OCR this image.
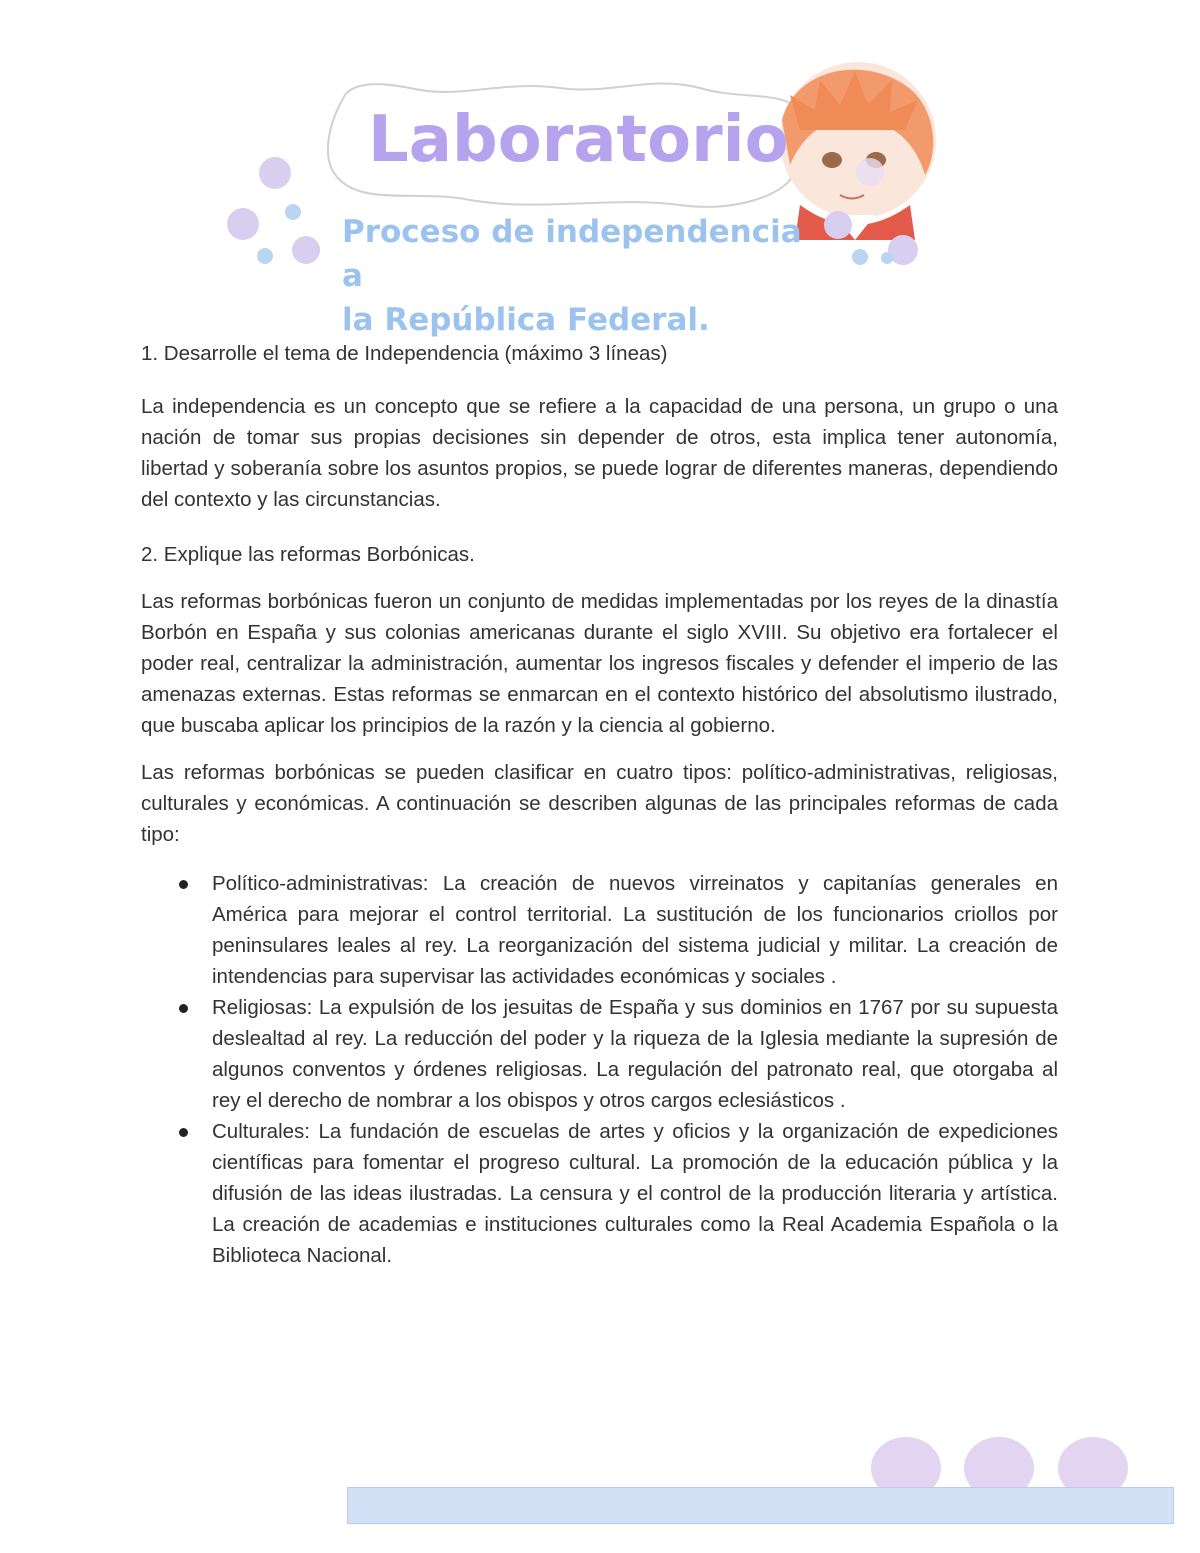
Laboratorio
Proceso de independencia a
la República Federal.

1. Desarrolle el tema de Independencia (máximo 3 líneas)

La independencia es un concepto que se refiere a la capacidad de una persona, un grupo o una nación de tomar sus propias decisiones sin depender de otros, esta implica tener autonomía, libertad y soberanía sobre los asuntos propios, se puede lograr de diferentes maneras, dependiendo del contexto y las circunstancias.

2. Explique las reformas Borbónicas.

Las reformas borbónicas fueron un conjunto de medidas implementadas por los reyes de la dinastía Borbón en España y sus colonias americanas durante el siglo XVIII. Su objetivo era fortalecer el poder real, centralizar la administración, aumentar los ingresos fiscales y defender el imperio de las amenazas externas. Estas reformas se enmarcan en el contexto histórico del absolutismo ilustrado, que buscaba aplicar los principios de la razón y la ciencia al gobierno.

Las reformas borbónicas se pueden clasificar en cuatro tipos: político-administrativas, religiosas, culturales y económicas. A continuación se describen algunas de las principales reformas de cada tipo:

Político-administrativas: La creación de nuevos virreinatos y capitanías generales en América para mejorar el control territorial. La sustitución de los funcionarios criollos por peninsulares leales al rey. La reorganización del sistema judicial y militar. La creación de intendencias para supervisar las actividades económicas y sociales .
Religiosas: La expulsión de los jesuitas de España y sus dominios en 1767 por su supuesta deslealtad al rey. La reducción del poder y la riqueza de la Iglesia mediante la supresión de algunos conventos y órdenes religiosas. La regulación del patronato real, que otorgaba al rey el derecho de nombrar a los obispos y otros cargos eclesiásticos .
Culturales: La fundación de escuelas de artes y oficios y la organización de expediciones científicas para fomentar el progreso cultural. La promoción de la educación pública y la difusión de las ideas ilustradas. La censura y el control de la producción literaria y artística. La creación de academias e instituciones culturales como la Real Academia Española o la Biblioteca Nacional.
